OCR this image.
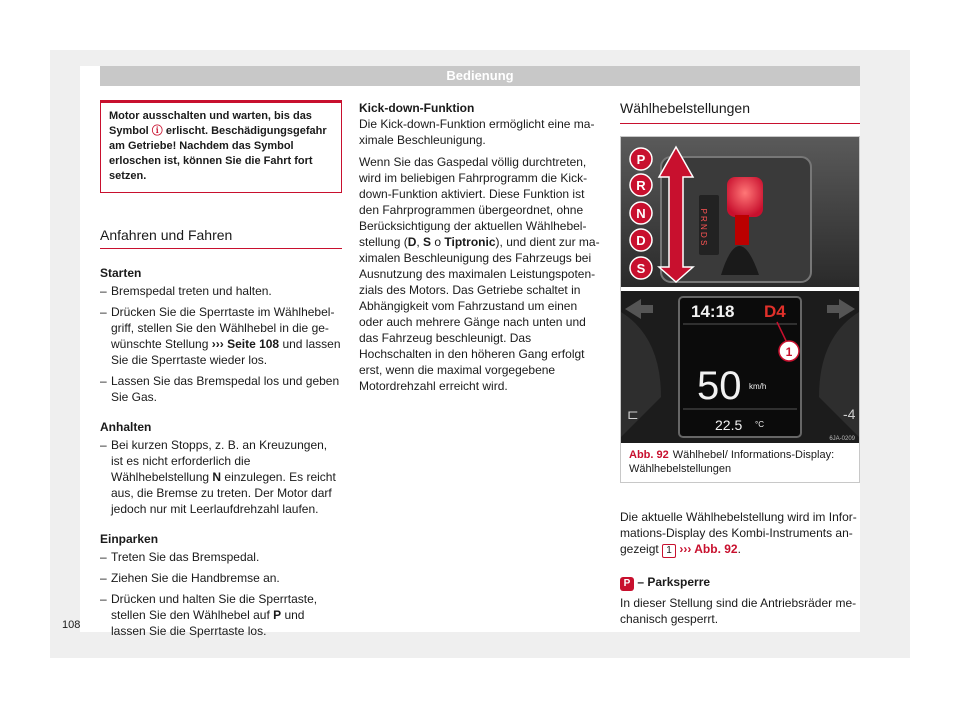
Bedienung
Motor ausschalten und warten, bis das Symbol ⓘ erlischt. Beschädigungsgefahr am Getriebe! Nachdem das Symbol erloschen ist, können Sie die Fahrt fort setzen.
Anfahren und Fahren
Starten
– Bremspedal treten und halten.
– Drücken Sie die Sperrtaste im Wählhebelgriff, stellen Sie den Wählhebel in die gewünschte Stellung ››› Seite 108 und lassen Sie die Sperrtaste wieder los.
– Lassen Sie das Bremspedal los und geben Sie Gas.
Anhalten
– Bei kurzen Stopps, z. B. an Kreuzungen, ist es nicht erforderlich die Wählhebelstellung N einzulegen. Es reicht aus, die Bremse zu treten. Der Motor darf jedoch nur mit Leerlaufdrehzahl laufen.
Einparken
– Treten Sie das Bremspedal.
– Ziehen Sie die Handbremse an.
– Drücken und halten Sie die Sperrtaste, stellen Sie den Wählhebel auf P und lassen Sie die Sperrtaste los.
Kick-down-Funktion

Die Kick-down-Funktion ermöglicht eine maximale Beschleunigung.

Wenn Sie das Gaspedal völlig durchtreten, wird im beliebigen Fahrprogramm die Kick-down-Funktion aktiviert. Diese Funktion ist den Fahrprogrammen übergeordnet, ohne Berücksichtigung der aktuellen Wählhebelstellung (D, S o Tiptronic), und dient zur maximalen Beschleunigung des Fahrzeugs bei Ausnutzung des maximalen Leistungspotenzials des Motors. Das Getriebe schaltet in Abhängigkeit vom Fahrzustand um einen oder auch mehrere Gänge nach unten und das Fahrzeug beschleunigt. Das Hochschalten in den höheren Gang erfolgt erst, wenn die maximal vorgegebene Motordrehzahl erreicht wird.

Wählhebelstellungen
P R N D S
P
R
N
D
S
⊏	-4
14:18 D4
1
50 km/h
22.5 °C
6JA-0209
Abb. 92 Wählhebel/ Informations-Display: Wählhebelstellungen

Die aktuelle Wählhebelstellung wird im Informations-Display des Kombi-Instruments angezeigt 1 ››› Abb. 92.

P – Parksperre

In dieser Stellung sind die Antriebsräder mechanisch gesperrt.

108
